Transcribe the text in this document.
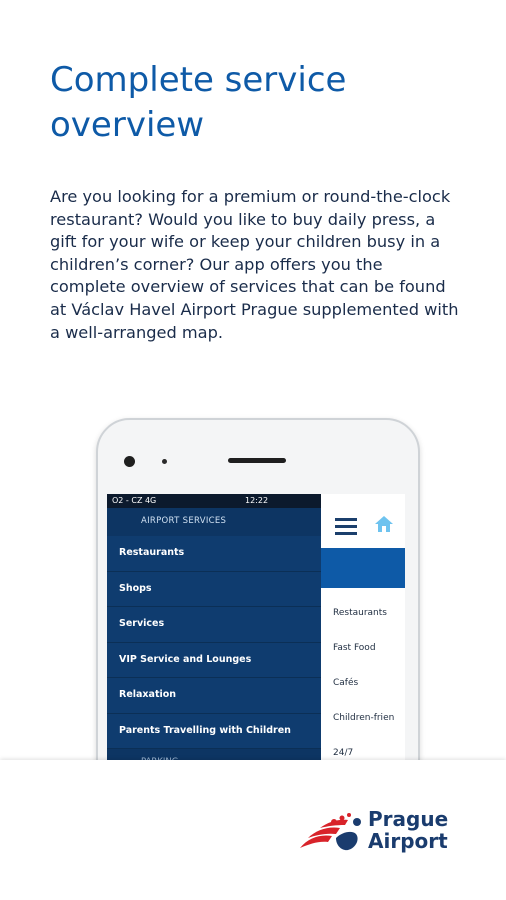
Complete service
overview

Are you looking for a premium or round-the-clock restaurant? Would you like to buy daily press, a gift for your wife or keep your children busy in a children’s corner? Our app offers you the complete overview of services that can be found at Václav Havel Airport Prague supplemented with a well-arranged map.

O2 - CZ 4G	12:22
AIRPORT SERVICES
Restaurants
Shops
Services
VIP Service and Lounges
Relaxation
Parents Travelling with Children
Restaurants
Fast Food
Cafés
Children-frien
24/7
Prague
Airport
